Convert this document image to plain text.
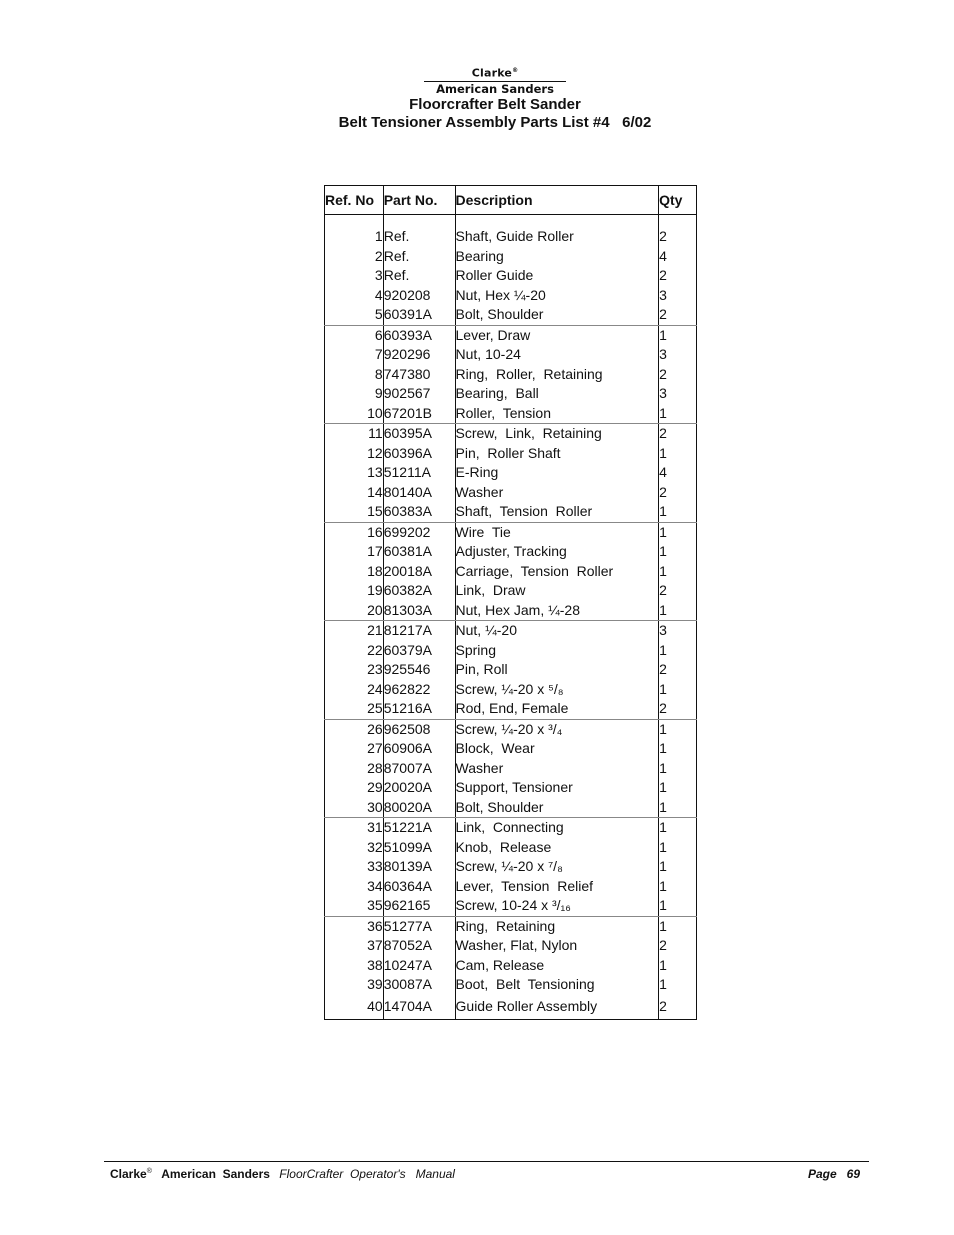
Clarke®
American Sanders
Floorcrafter Belt Sander
Belt Tensioner Assembly Parts List #4   6/02
Ref. No	Part No.	Description	Qty

1	Ref.	Shaft, Guide Roller	2
2	Ref.	Bearing	4
3	Ref.	Roller Guide	2
4	920208	Nut, Hex ¼-20	3
5	60391A	Bolt, Shoulder	2
6	60393A	Lever, Draw	1
7	920296	Nut, 10-24	3
8	747380	Ring,  Roller,  Retaining	2
9	902567	Bearing,  Ball	3
10	67201B	Roller,  Tension	1
11	60395A	Screw,  Link,  Retaining	2
12	60396A	Pin,  Roller Shaft	1
13	51211A	E-Ring	4
14	80140A	Washer	2
15	60383A	Shaft,  Tension  Roller	1
16	699202	Wire  Tie	1
17	60381A	Adjuster, Tracking	1
18	20018A	Carriage,  Tension  Roller	1
19	60382A	Link,  Draw	2
20	81303A	Nut, Hex Jam, ¼-28	1
21	81217A	Nut, ¼-20	3
22	60379A	Spring	1
23	925546	Pin, Roll	2
24	962822	Screw, ¼-20 x ⁵/₈	1
25	51216A	Rod, End, Female	2
26	962508	Screw, ¼-20 x ³/₄	1
27	60906A	Block,  Wear	1
28	87007A	Washer	1
29	20020A	Support, Tensioner	1
30	80020A	Bolt, Shoulder	1
31	51221A	Link,  Connecting	1
32	51099A	Knob,  Release	1
33	80139A	Screw, ¼-20 x ⁷/₈	1
34	60364A	Lever,  Tension  Relief	1
35	962165	Screw, 10-24 x ³/₁₆	1
36	51277A	Ring,  Retaining	1
37	87052A	Washer, Flat, Nylon	2
38	10247A	Cam, Release	1
39	30087A	Boot,  Belt  Tensioning	1
40	14704A	Guide Roller Assembly	2
Clarke® American  Sanders FloorCrafter  Operator's   Manual	Page   69
